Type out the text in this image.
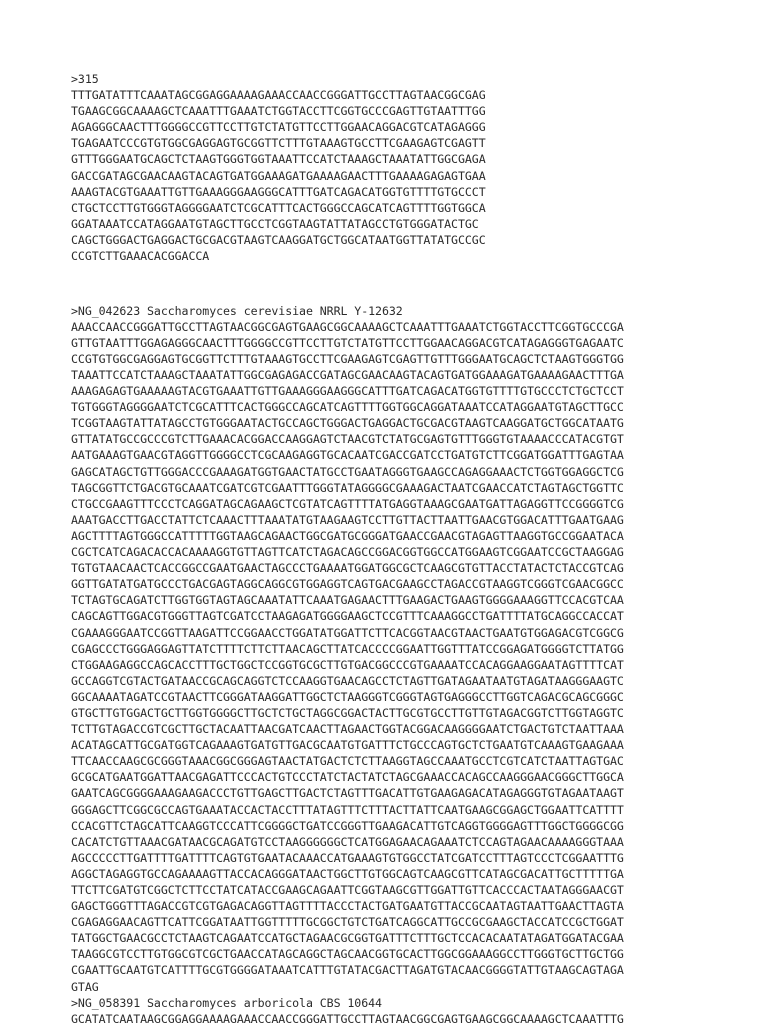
>315
TTTGATATTTCAAATAGCGGAGGAAAAGAAACCAACCGGGATTGCCTTAGTAACGGCGAG
TGAAGCGGCAAAAGCTCAAATTTGAAATCTGGTACCTTCGGTGCCCGAGTTGTAATTTGG
AGAGGGCAACTTTGGGGCCGTTCCTTGTCTATGTTCCTTGGAACAGGACGTCATAGAGGG
TGAGAATCCCGTGTGGCGAGGAGTGCGGTTCTTTGTAAAGTGCCTTCGAAGAGTCGAGTT
GTTTGGGAATGCAGCTCTAAGTGGGTGGTAAATTCCATCTAAAGCTAAATATTGGCGAGA
GACCGATAGCGAACAAGTACAGTGATGGAAAGATGAAAAGAACTTTGAAAAGAGAGTGAA
AAAGTACGTGAAATTGTTGAAAGGGAAGGGCATTTGATCAGACATGGTGTTTTGTGCCCT
CTGCTCCTTGTGGGTAGGGGAATCTCGCATTTCACTGGGCCAGCATCAGTTTTGGTGGCA
GGATAAATCCATAGGAATGTAGCTTGCCTCGGTAAGTATTATAGCCTGTGGGATACTGC
CAGCTGGGACTGAGGACTGCGACGTAAGTCAAGGATGCTGGCATAATGGTTATATGCCGC
CCGTCTTGAAACACGGACCA
>NG_042623 Saccharomyces cerevisiae NRRL Y-12632
AAACCAACCGGGATTGCCTTAGTAACGGCGAGTGAAGCGGCAAAAGCTCAAATTTGAAATCTGGTACCTTCGGTGCCCGA
GTTGTAATTTGGAGAGGGCAACTTTGGGGCCGTTCCTTGTCTATGTTCCTTGGAACAGGACGTCATAGAGGGTGAGAATC
CCGTGTGGCGAGGAGTGCGGTTCTTTGTAAAGTGCCTTCGAAGAGTCGAGTTGTTTGGGAATGCAGCTCTAAGTGGGTGG
TAAATTCCATCTAAAGCTAAATATTGGCGAGAGACCGATAGCGAACAAGTACAGTGATGGAAAGATGAAAAGAACTTTGA
AAAGAGAGTGAAAAAGTACGTGAAATTGTTGAAAGGGAAGGGCATTTGATCAGACATGGTGTTTTGTGCCCTCTGCTCCT
TGTGGGTAGGGGAATCTCGCATTTCACTGGGCCAGCATCAGTTTTGGTGGCAGGATAAATCCATAGGAATGTAGCTTGCC
TCGGTAAGTATTATAGCCTGTGGGAATACTGCCAGCTGGGACTGAGGACTGCGACGTAAGTCAAGGATGCTGGCATAATG
GTTATATGCCGCCCGTCTTGAAACACGGACCAAGGAGTCTAACGTCTATGCGAGTGTTTGGGTGTAAAACCCATACGTGT
AATGAAAGTGAACGTAGGTTGGGGCCTCGCAAGAGGTGCACAATCGACCGATCCTGATGTCTTCGGATGGATTTGAGTAA
GAGCATAGCTGTTGGGACCCGAAAGATGGTGAACTATGCCTGAATAGGGTGAAGCCAGAGGAAACTCTGGTGGAGGCTCG
TAGCGGTTCTGACGTGCAAATCGATCGTCGAATTTGGGTATAGGGGCGAAAGACTAATCGAACCATCTAGTAGCTGGTTC
CTGCCGAAGTTTCCCTCAGGATAGCAGAAGCTCGTATCAGTTTTATGAGGTAAAGCGAATGATTAGAGGTTCCGGGGTCG
AAATGACCTTGACCTATTCTCAAACTTTAAATATGTAAGAAGTCCTTGTTACTTAATTGAACGTGGACATTTGAATGAAG
AGCTTTTAGTGGGCCATTTTTGGTAAGCAGAACTGGCGATGCGGGATGAACCGAACGTAGAGTTAAGGTGCCGGAATACA
CGCTCATCAGACACCACAAAAGGTGTTAGTTCATCTAGACAGCCGGACGGTGGCCATGGAAGTCGGAATCCGCTAAGGAG
TGTGTAACAACTCACCGGCCGAATGAACTAGCCCTGAAAATGGATGGCGCTCAAGCGTGTTACCTATACTCTACCGTCAG
GGTTGATATGATGCCCTGACGAGTAGGCAGGCGTGGAGGTCAGTGACGAAGCCTAGACCGTAAGGTCGGGTCGAACGGCC
TCTAGTGCAGATCTTGGTGGTAGTAGCAAATATTCAAATGAGAACTTTGAAGACTGAAGTGGGGAAAGGTTCCACGTCAA
CAGCAGTTGGACGTGGGTTAGTCGATCCTAAGAGATGGGGAAGCTCCGTTTCAAAGGCCTGATTTTATGCAGGCCACCAT
CGAAAGGGAATCCGGTTAAGATTCCGGAACCTGGATATGGATTCTTCACGGTAACGTAACTGAATGTGGAGACGTCGGCG
CGAGCCCTGGGAGGAGTTATCTTTTCTTCTTAACAGCTTATCACCCCGGAATTGGTTTATCCGGAGATGGGGTCTTATGG
CTGGAAGAGGCCAGCACCTTTGCTGGCTCCGGTGCGCTTGTGACGGCCCGTGAAAATCCACAGGAAGGAATAGTTTTCAT
GCCAGGTCGTACTGATAACCGCAGCAGGTCTCCAAGGTGAACAGCCTCTAGTTGATAGAATAATGTAGATAAGGGAAGTC
GGCAAAATAGATCCGTAACTTCGGGATAAGGATTGGCTCTAAGGGTCGGGTAGTGAGGGCCTTGGTCAGACGCAGCGGGC
GTGCTTGTGGACTGCTTGGTGGGGCTTGCTCTGCTAGGCGGACTACTTGCGTGCCTTGTTGTAGACGGTCTTGGTAGGTC
TCTTGTAGACCGTCGCTTGCTACAATTAACGATCAACTTAGAACTGGTACGGACAAGGGGAATCTGACTGTCTAATTAAA
ACATAGCATTGCGATGGTCAGAAAGTGATGTTGACGCAATGTGATTTCTGCCCAGTGCTCTGAATGTCAAAGTGAAGAAA
TTCAACCAAGCGCGGGTAAACGGCGGGAGTAACTATGACTCTCTTAAGGTAGCCAAATGCCTCGTCATCTAATTAGTGAC
GCGCATGAATGGATTAACGAGATTCCCACTGTCCCTATCTACTATCTAGCGAAACCACAGCCAAGGGAACGGGCTTGGCA
GAATCAGCGGGGAAAGAAGACCCTGTTGAGCTTGACTCTAGTTTGACATTGTGAAGAGACATAGAGGGTGTAGAATAAGT
GGGAGCTTCGGCGCCAGTGAAATACCACTACCTTTATAGTTTCTTTACTTATTCAATGAAGCGGAGCTGGAATTCATTTT
CCACGTTCTAGCATTCAAGGTCCCATTCGGGGCTGATCCGGGTTGAAGACATTGTCAGGTGGGGAGTTTGGCTGGGGCGG
CACATCTGTTAAACGATAACGCAGATGTCCTAAGGGGGGCTCATGGAGAACAGAAATCTCCAGTAGAACAAAAGGGTAAA
AGCCCCCTTGATTTTGATTTTCAGTGTGAATACAAACCATGAAAGTGTGGCCTATCGATCCTTTAGTCCCTCGGAATTTG
AGGCTAGAGGTGCCAGAAAAGTTACCACAGGGATAACTGGCTTGTGGCAGTCAAGCGTTCATAGCGACATTGCTTTTTGA
TTCTTCGATGTCGGCTCTTCCTATCATACCGAAGCAGAATTCGGTAAGCGTTGGATTGTTCACCCACTAATAGGGAACGT
GAGCTGGGTTTAGACCGTCGTGAGACAGGTTAGTTTTACCCTACTGATGAATGTTACCGCAATAGTAATTGAACTTAGTA
CGAGAGGAACAGTTCATTCGGATAATTGGTTTTTGCGGCTGTCTGATCAGGCATTGCCGCGAAGCTACCATCCGCTGGAT
TATGGCTGAACGCCTCTAAGTCAGAATCCATGCTAGAACGCGGTGATTTCTTTGCTCCACACAATATAGATGGATACGAA
TAAGGCGTCCTTGTGGCGTCGCTGAACCATAGCAGGCTAGCAACGGTGCACTTGGCGGAAAGGCCTTGGGTGCTTGCTGG
CGAATTGCAATGTCATTTTGCGTGGGGATAAATCATTTGTATACGACTTAGATGTACAACGGGGTATTGTAAGCAGTAGA
GTAG
>NG_058391 Saccharomyces arboricola CBS 10644
GCATATCAATAAGCGGAGGAAAAGAAACCAACCGGGATTGCCTTAGTAACGGCGAGTGAAGCGGCAAAAGCTCAAATTTG
